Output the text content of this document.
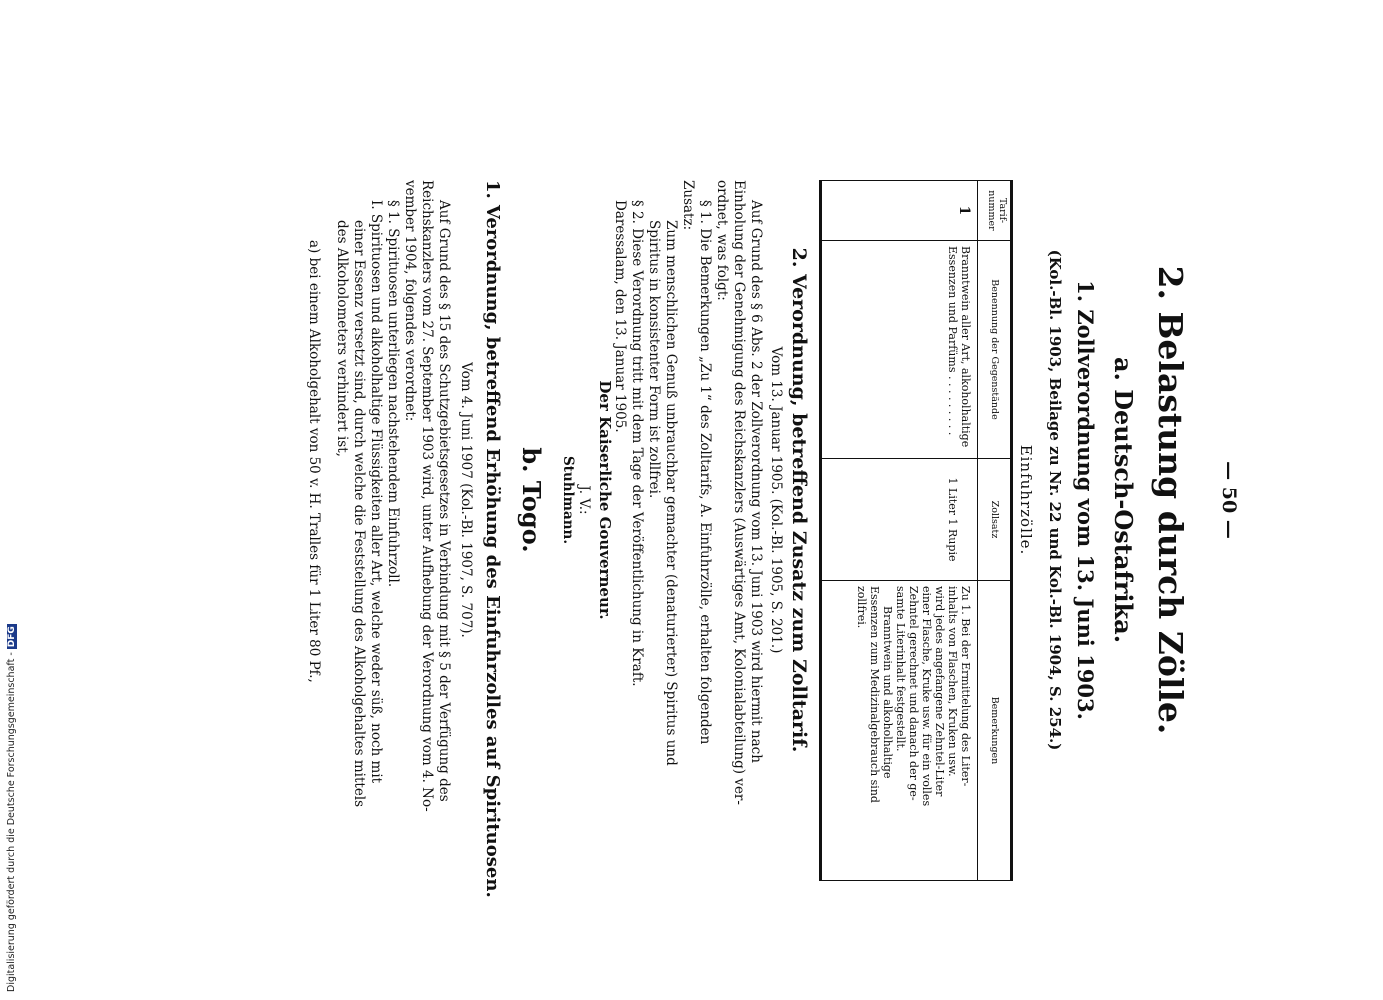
— 50 —
2. Belastung durch Zölle.
a. Deutsch-Ostafrika.
1. Zollverordnung vom 13. Juni 1903.
(Kol.-Bl. 1903, Beilage zu Nr. 22 und Kol.-Bl. 1904, S. 254.)
Einfuhrzölle.
Tarif-nummer
Benennung der Gegenstände
Zollsatz
Bemerkungen
1
Branntwein aller Art, alkoholhaltige
Essenzen und Parfüms . . . . . . . . .
1 Liter 1 Rupie
Zu 1. Bei der Ermittelung des Liter-
inhalts von Flaschen, Kruken usw.
wird jedes angefangene Zehntel-Liter
einer Flasche, Kruke usw. für ein volles
Zehntel gerechnet und danach der ge-
samte Literinhalt festgestellt.
Branntwein und alkoholhaltige
Essenzen zum Medizinalgebrauch sind
zollfrei.
2. Verordnung, betreffend Zusatz zum Zolltarif.
Vom 13. Januar 1905. (Kol.-Bl. 1905, S. 201.)
Auf Grund des § 6 Abs. 2 der Zollverordnung vom 13. Juni 1903 wird hiermit nach
Einholung der Genehmigung des Reichskanzlers (Auswärtiges Amt, Kolonialabteilung) ver-
ordnet, was folgt:
§ 1. Die Bemerkungen „Zu 1“ des Zolltarifs, A. Einfuhrzölle, erhalten folgenden
Zusatz:
Zum menschlichen Genuß unbrauchbar gemachter (denaturierter) Spiritus und
Spiritus in konsistenter Form ist zollfrei.
§ 2. Diese Verordnung tritt mit dem Tage der Veröffentlichung in Kraft.
Daressalam, den 13. Januar 1905.
Der Kaiserliche Gouverneur.
J. V.:
Stuhlmann.
b. Togo.
1. Verordnung, betreffend Erhöhung des Einfuhrzolles auf Spirituosen.
Vom 4. Juni 1907 (Kol.-Bl. 1907, S. 707).
Auf Grund des § 15 des Schutzgebietsgesetzes in Verbindung mit § 5 der Verfügung des
Reichskanzlers vom 27. September 1903 wird, unter Aufhebung der Verordnung vom 4. No-
vember 1904, folgendes verordnet:
§ 1. Spirituosen unterliegen nachstehendem Einfuhrzoll.
I. Spirituosen und alkoholhaltige Flüssigkeiten aller Art, welche weder süß, noch mit
einer Essenz versetzt sind, durch welche die Feststellung des Alkoholgehaltes mittels
des Alkoholometers verhindert ist,
a) bei einem Alkoholgehalt von 50 v. H. Tralles für 1 Liter 80 Pf.,
Digitalisierung gefördert durch die Deutsche Forschungsgemeinschaft -DFG
